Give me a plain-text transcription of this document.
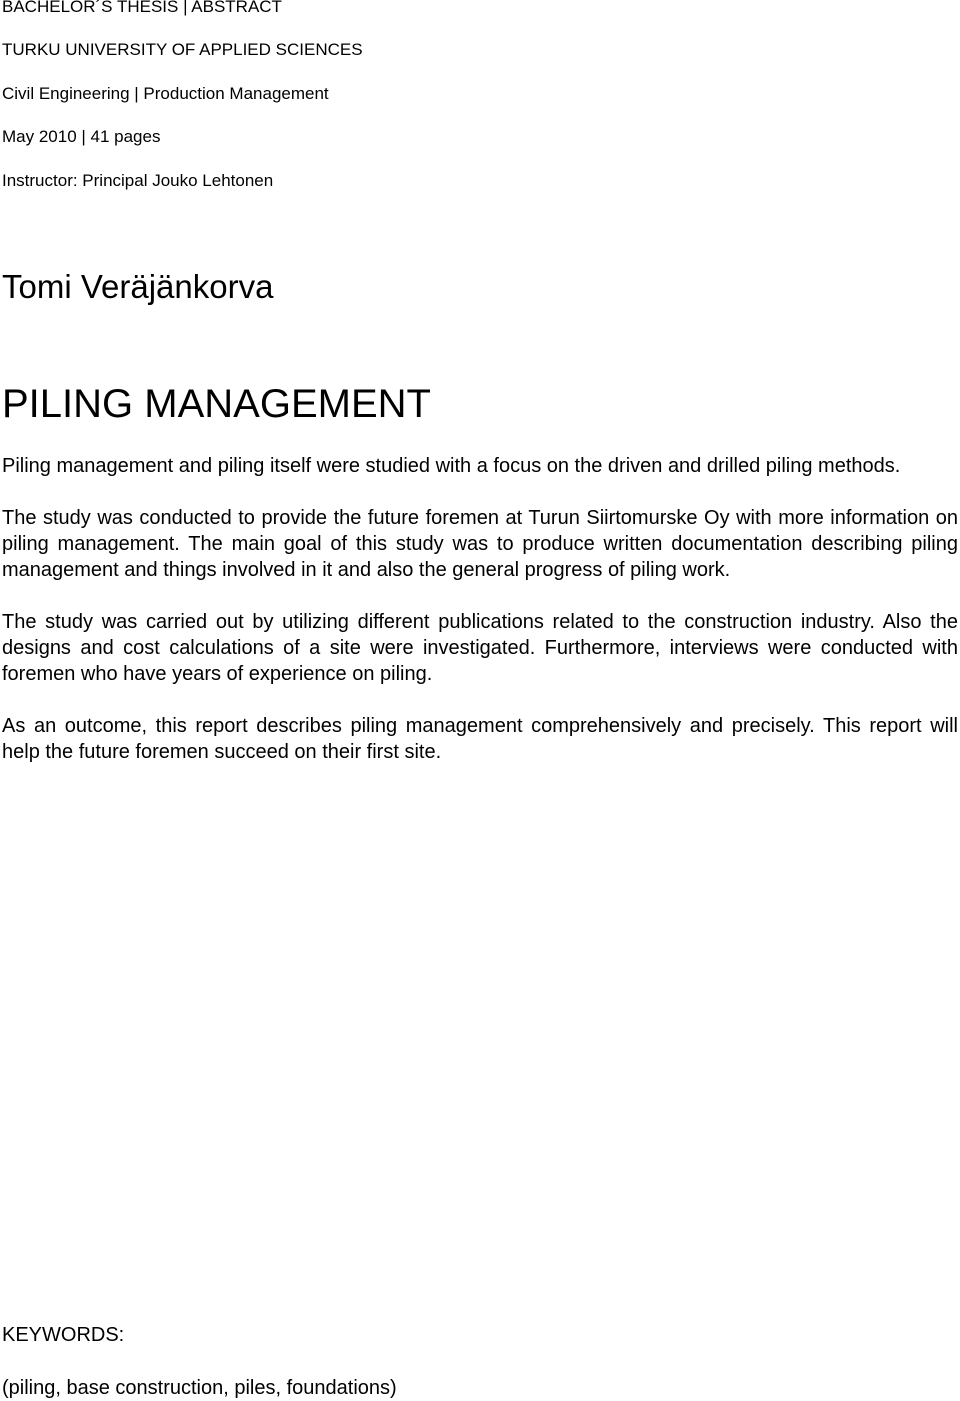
BACHELOR´S THESIS | ABSTRACT
TURKU UNIVERSITY OF APPLIED SCIENCES
Civil Engineering | Production Management
May 2010 | 41 pages
Instructor: Principal Jouko Lehtonen
Tomi Veräjänkorva
PILING MANAGEMENT

Piling management and piling itself were studied with a focus on the driven and drilled piling methods.

The study was conducted to provide the future foremen at Turun Siirtomurske Oy with more information on piling management. The main goal of this study was to produce written documentation describing piling management and things involved in it and also the general progress of piling work.

The study was carried out by utilizing different publications related to the construction industry. Also the designs and cost calculations of a site were investigated. Furthermore, interviews were conducted with foremen who have years of experience on piling.

As an outcome, this report describes piling management comprehensively and precisely. This report will help the future foremen succeed on their first site.

KEYWORDS:
(piling, base construction, piles, foundations)
